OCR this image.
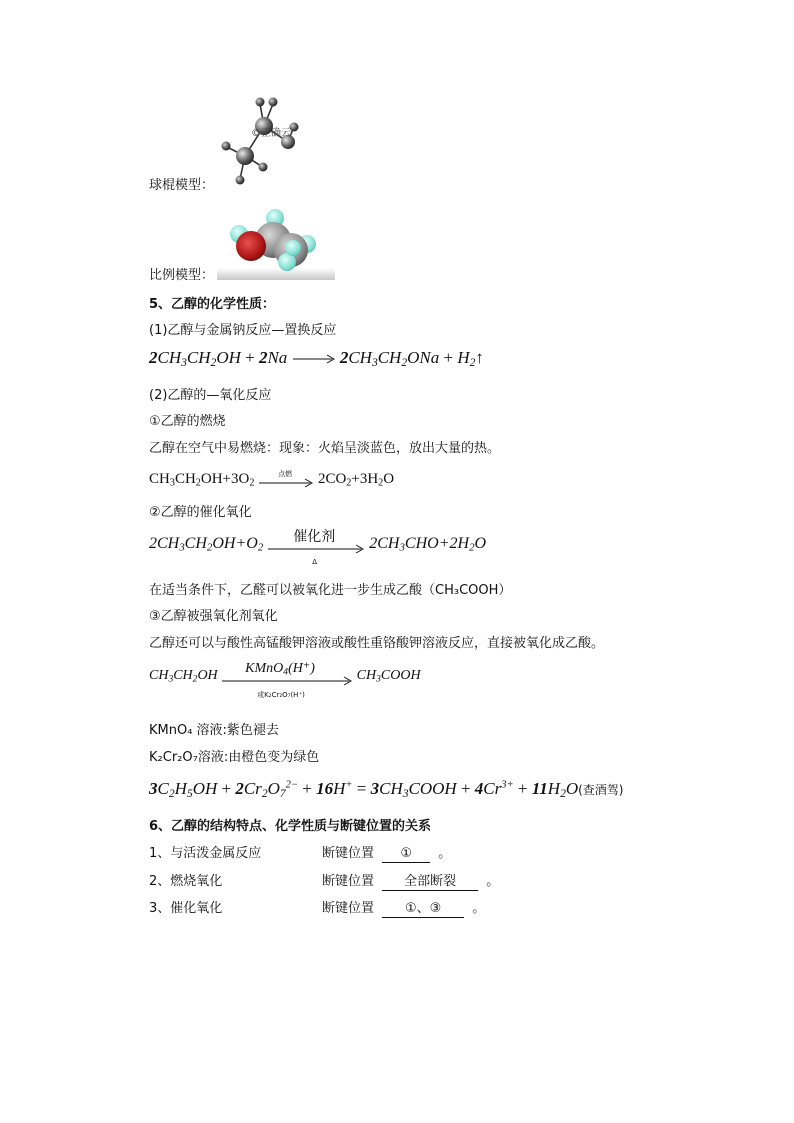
©正确云
球棍模型：
比例模型：
5、乙醇的化学性质：
(1)乙醇与金属钠反应—置换反应
$2CH_3CH_2OH + 2Na \to 2CH_3CH_2ONa$ + $H_2↑$
(2)乙醇的—氧化反应
①乙醇的燃烧
乙醇在空气中易燃烧：现象：火焰呈淡蓝色，放出大量的热。
$CH_3CH_2OH+3O_2$
点燃 $2CO_2+3H_2O$
②乙醇的催化氧化
$2CH_3CH_2OH+O_2$
催化剂
Δ
$2CH_3CHO+2H_2O$
在适当条件下，乙醛可以被氧化进一步生成乙酸（CH₃COOH）
③乙醇被强氧化剂氧化
乙醇还可以与酸性高锰酸钾溶液或酸性重铬酸钾溶液反应，直接被氧化成乙酸。
$CH_3CH_2OH$ KMnO$_4$(H⁺)
或K₂Cr₂O₇(H⁺)
$CH_3COOH$
KMnO₄ 溶液:紫色褪去
K₂Cr₂O₇溶液:由橙色变为绿色
$3C_2H_5OH + 2Cr_2O_7^{2-} + 16H^+$ = $3CH_3COOH + 4Cr^{3+} + 11H_2O$(查酒驾)
6、乙醇的结构特点、化学性质与断键位置的关系
1、与活泼金属反应	断键位置 ① 。
2、燃烧氧化	断键位置 全部断裂 。
3、催化氧化	断键位置 ①、③ 。
